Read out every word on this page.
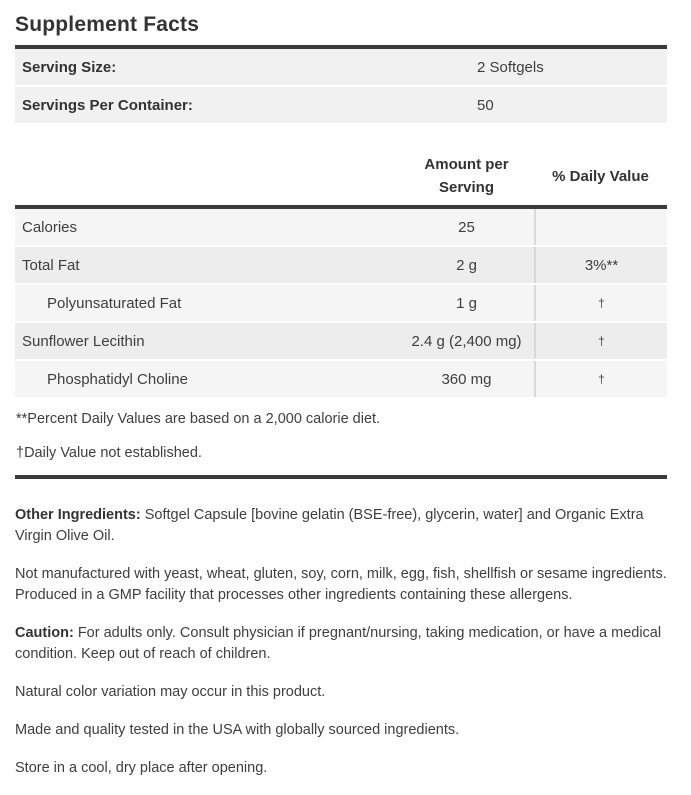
Supplement Facts
Serving Size:	2 Softgels
Servings Per Container:	50
Amount per Serving
% Daily Value
Calories	25
Total Fat	2 g	3%**
Polyunsaturated Fat	1 g	†
Sunflower Lecithin	2.4 g (2,400 mg)	†
Phosphatidyl Choline	360 mg	†

**Percent Daily Values are based on a 2,000 calorie diet.

†Daily Value not established.

Other Ingredients: Softgel Capsule [bovine gelatin (BSE-free), glycerin, water] and Organic Extra Virgin Olive Oil.

Not manufactured with yeast, wheat, gluten, soy, corn, milk, egg, fish, shellfish or sesame ingredients. Produced in a GMP facility that processes other ingredients containing these allergens.

Caution: For adults only. Consult physician if pregnant/nursing, taking medication, or have a medical condition. Keep out of reach of children.

Natural color variation may occur in this product.

Made and quality tested in the USA with globally sourced ingredients.

Store in a cool, dry place after opening.
